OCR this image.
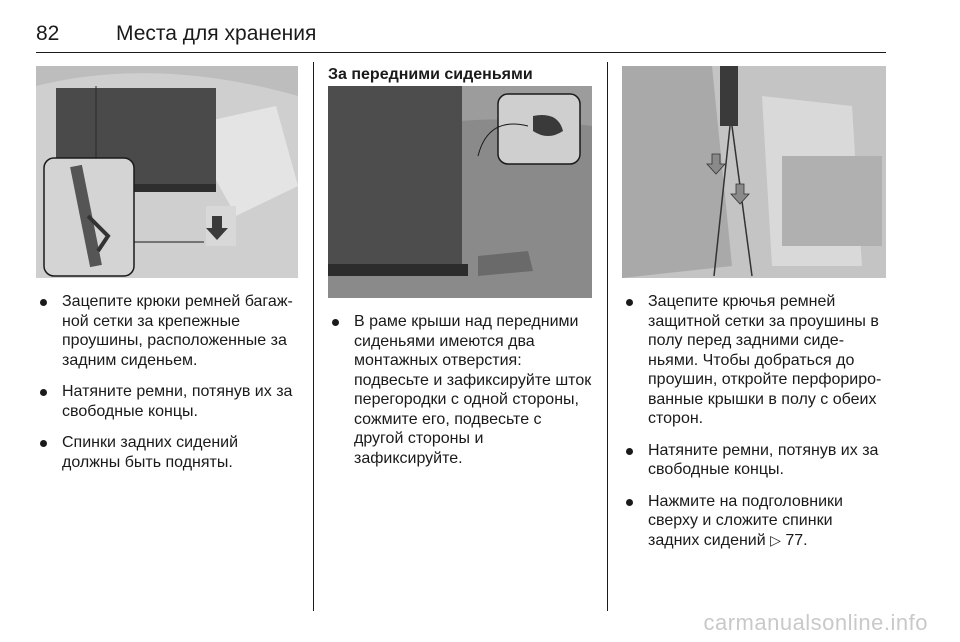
82	Места для хранения
Зацепите крюки ремней багажной сетки за крепежные проушины, расположенные за задним сиденьем.
Натяните ремни, потянув их за свободные концы.
Спинки задних сидений должны быть подняты.
За передними сиденьями
В раме крыши над передними сиденьями имеются два монтажных отверстия: подвесьте и зафиксируйте шток перегородки с одной стороны, сожмите его, подвесьте с другой стороны и зафиксируйте.
Зацепите крючья ремней защитной сетки за проушины в полу перед задними сиденьями. Чтобы добраться до проушин, откройте перфорированные крышки в полу с обеих сторон.
Натяните ремни, потянув их за свободные концы.
Нажмите на подголовники сверху и сложите спинки задних сидений ▷ 77.
carmanualsonline.info
